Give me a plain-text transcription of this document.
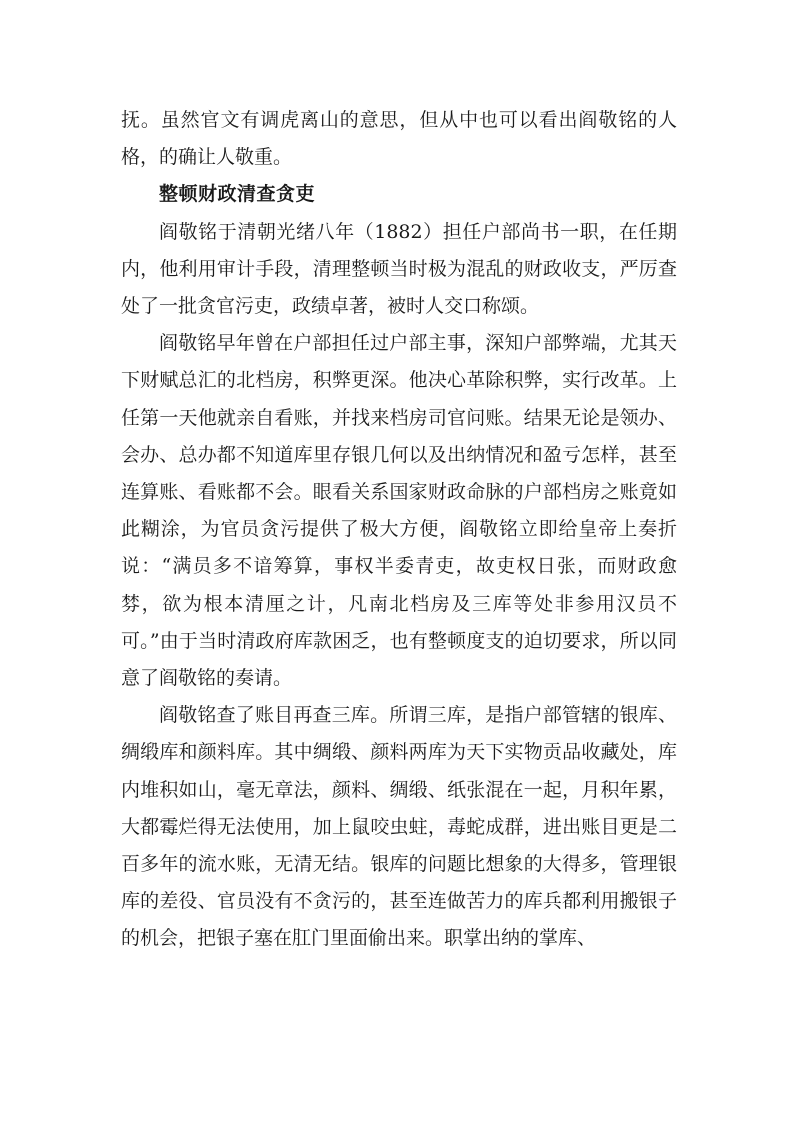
抚。虽然官文有调虎离山的意思，但从中也可以看出阎敬铭的人格，的确让人敬重。

整顿财政清查贪吏

阎敬铭于清朝光绪八年（1882）担任户部尚书一职，在任期内，他利用审计手段，清理整顿当时极为混乱的财政收支，严厉查处了一批贪官污吏，政绩卓著，被时人交口称颂。

阎敬铭早年曾在户部担任过户部主事，深知户部弊端，尤其天下财赋总汇的北档房，积弊更深。他决心革除积弊，实行改革。上任第一天他就亲自看账，并找来档房司官问账。结果无论是领办、会办、总办都不知道库里存银几何以及出纳情况和盈亏怎样，甚至连算账、看账都不会。眼看关系国家财政命脉的户部档房之账竟如此糊涂，为官员贪污提供了极大方便，阎敬铭立即给皇帝上奏折说：“满员多不谙筹算，事权半委青吏，故吏权日张，而财政愈棼，欲为根本清厘之计，凡南北档房及三库等处非参用汉员不可。”由于当时清政府库款困乏，也有整顿度支的迫切要求，所以同意了阎敬铭的奏请。

阎敬铭查了账目再查三库。所谓三库，是指户部管辖的银库、绸缎库和颜料库。其中绸缎、颜料两库为天下实物贡品收藏处，库内堆积如山，毫无章法，颜料、绸缎、纸张混在一起，月积年累，大都霉烂得无法使用，加上鼠咬虫蛀，毒蛇成群，进出账目更是二百多年的流水账，无清无结。银库的问题比想象的大得多，管理银库的差役、官员没有不贪污的，甚至连做苦力的库兵都利用搬银子的机会，把银子塞在肛门里面偷出来。职掌出纳的掌库、
